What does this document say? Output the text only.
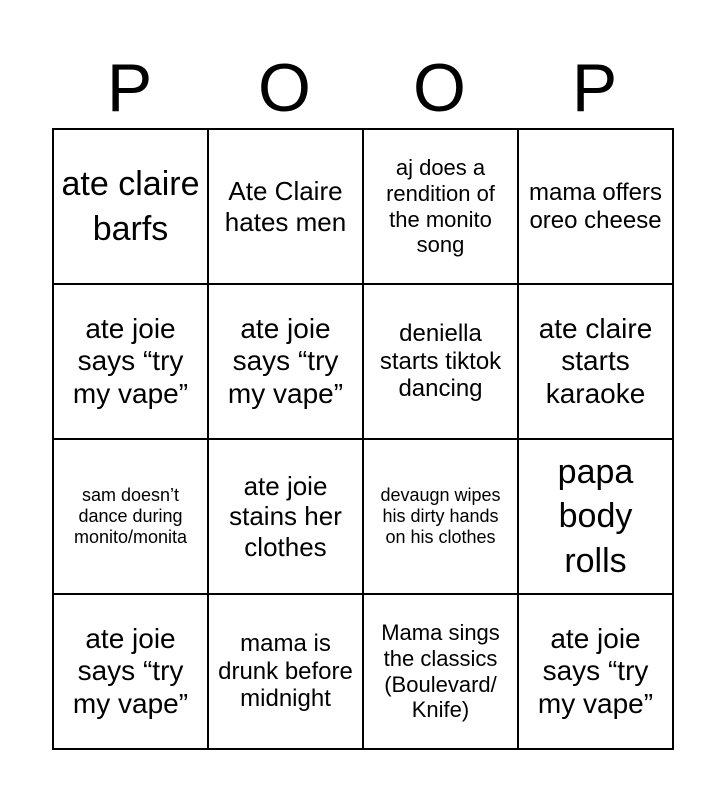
P	O	O	P
ate claire barfs	Ate Claire hates men	aj does a rendition of the monito song	mama offers oreo cheese
ate joie says “try my vape”	ate joie says “try my vape”	deniella starts tiktok dancing	ate claire starts karaoke
sam doesn’t dance during monito/monita	ate joie stains her clothes	devaugn wipes his dirty hands on his clothes	papa body rolls
ate joie says “try my vape”	mama is drunk before midnight	Mama sings the classics (Boulevard/ Knife)	ate joie says “try my vape”
